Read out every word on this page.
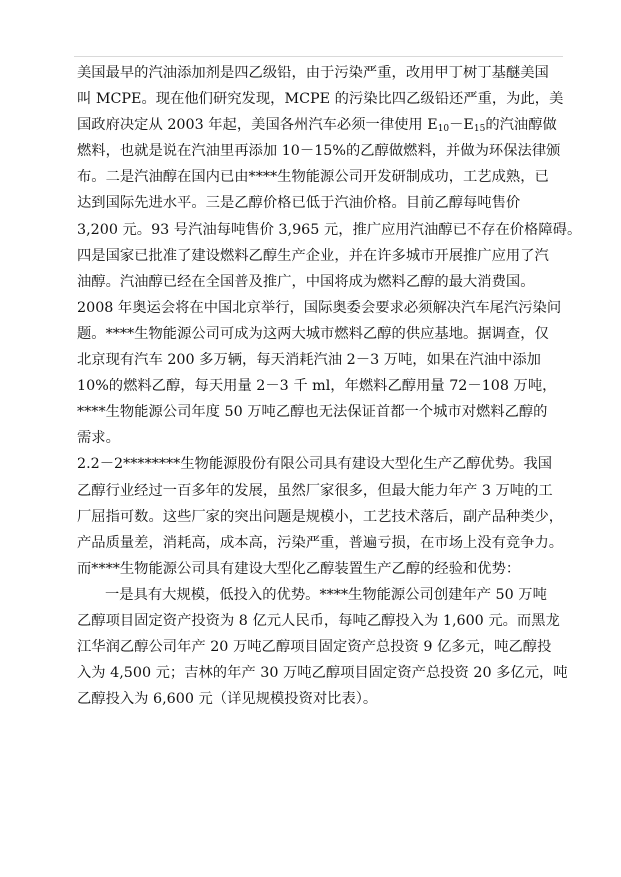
美国最早的汽油添加剂是四乙级铅，由于污染严重，改用甲丁树丁基醚美国
叫 MCPE。现在他们研究发现，MCPE 的污染比四乙级铅还严重，为此，美
国政府决定从 2003 年起，美国各州汽车必须一律使用 $E_{10}-E_{15}$的汽油醇做
燃料，也就是说在汽油里再添加 10－15%的乙醇做燃料，并做为环保法律颁
布。二是汽油醇在国内已由****生物能源公司开发研制成功，工艺成熟，已
达到国际先进水平。三是乙醇价格已低于汽油价格。目前乙醇每吨售价
3,200 元。93 号汽油每吨售价 3,965 元，推广应用汽油醇已不存在价格障碍。
四是国家已批准了建设燃料乙醇生产企业，并在许多城市开展推广应用了汽
油醇。汽油醇已经在全国普及推广，中国将成为燃料乙醇的最大消费国。
2008 年奥运会将在中国北京举行，国际奥委会要求必须解决汽车尾汽污染问
题。****生物能源公司可成为这两大城市燃料乙醇的供应基地。据调查，仅
北京现有汽车 200 多万辆，每天消耗汽油 2－3 万吨，如果在汽油中添加
10%的燃料乙醇，每天用量 2－3 千 ml，年燃料乙醇用量 72－108 万吨，
****生物能源公司年度 50 万吨乙醇也无法保证首都一个城市对燃料乙醇的
需求。
2.2－2********生物能源股份有限公司具有建设大型化生产乙醇优势。我国
乙醇行业经过一百多年的发展，虽然厂家很多，但最大能力年产 3 万吨的工
厂屈指可数。这些厂家的突出问题是规模小，工艺技术落后，副产品种类少，
产品质量差，消耗高，成本高，污染严重，普遍亏损，在市场上没有竞争力。
而****生物能源公司具有建设大型化乙醇装置生产乙醇的经验和优势：
一是具有大规模，低投入的优势。****生物能源公司创建年产 50 万吨
乙醇项目固定资产投资为 8 亿元人民币，每吨乙醇投入为 1,600 元。而黑龙
江华润乙醇公司年产 20 万吨乙醇项目固定资产总投资 9 亿多元，吨乙醇投
入为 4,500 元；吉林的年产 30 万吨乙醇项目固定资产总投资 20 多亿元，吨
乙醇投入为 6,600 元（详见规模投资对比表）。
